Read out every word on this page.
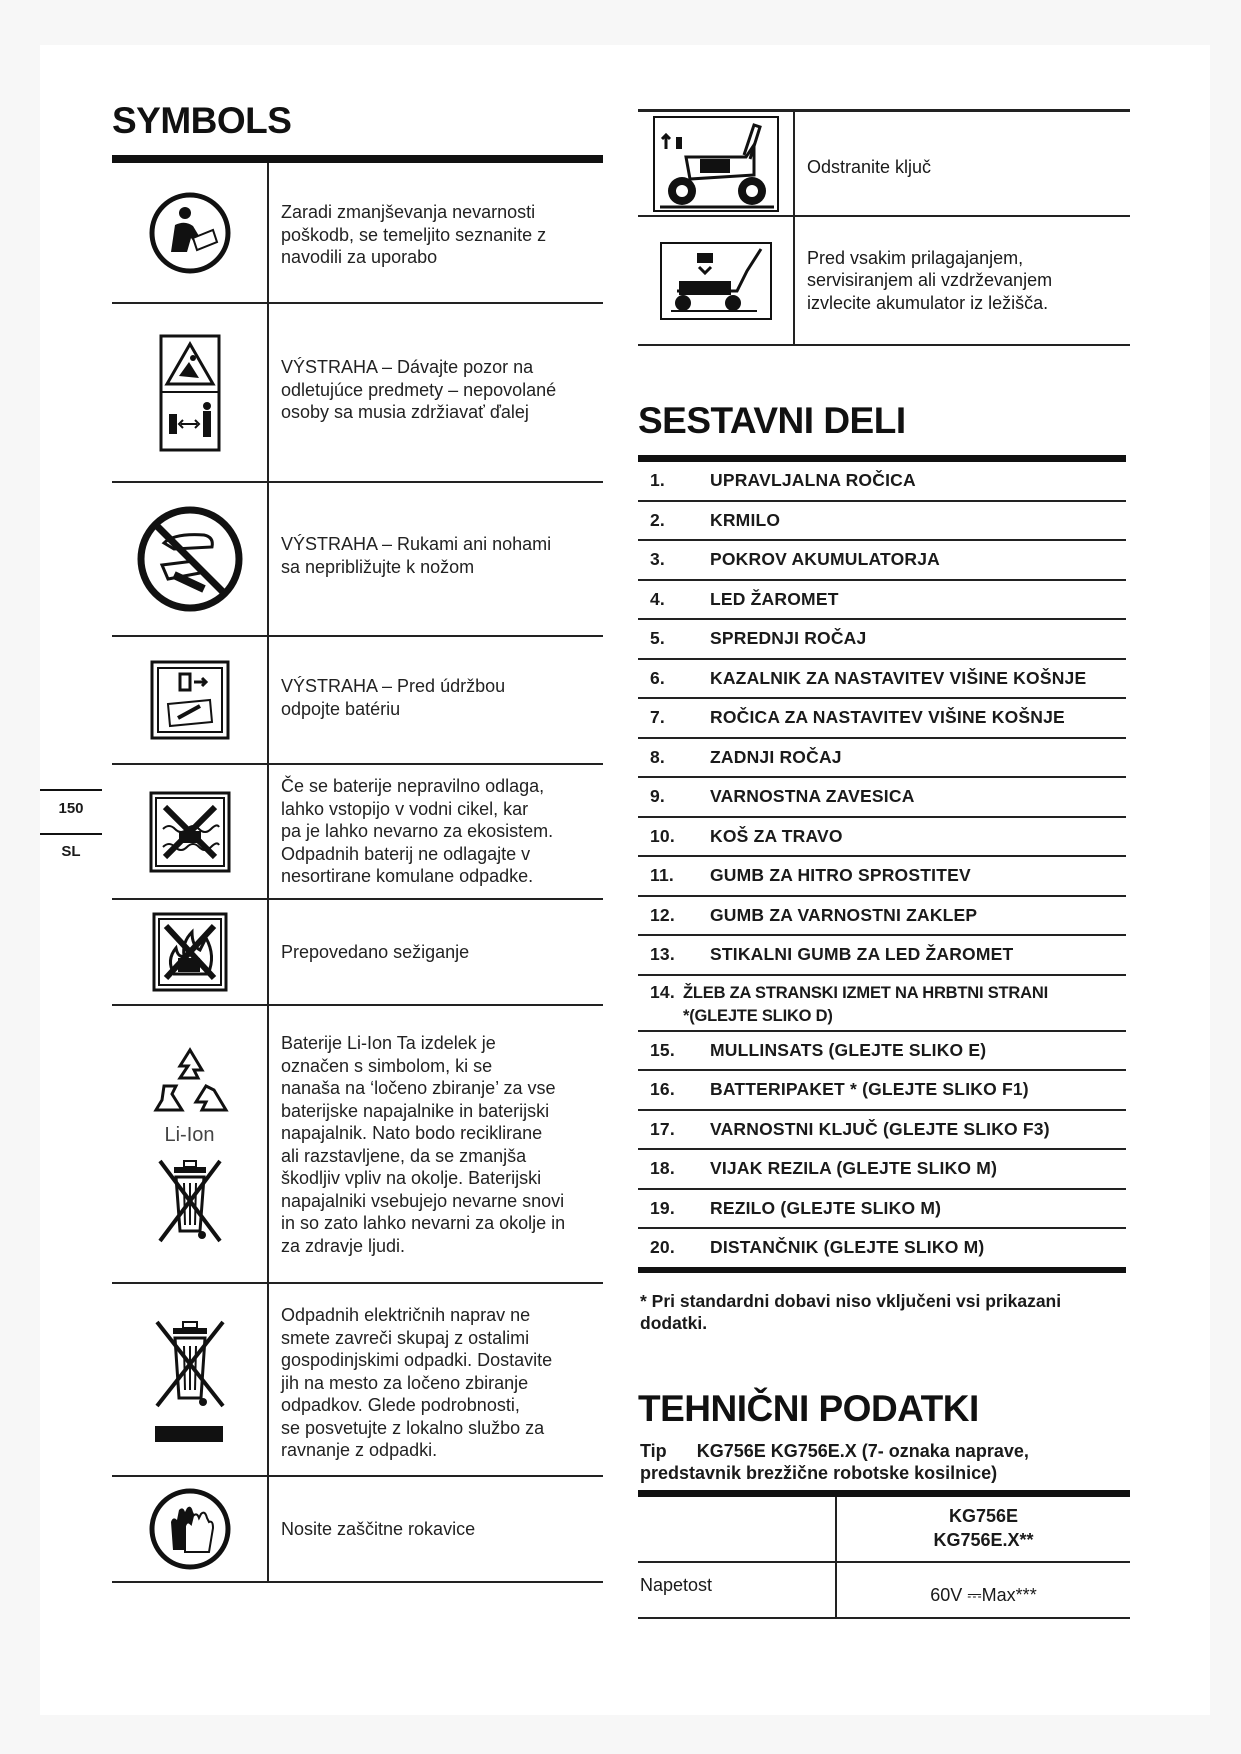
SYMBOLS
Zaradi zmanjševanja nevarnosti
poškodb, se temeljito seznanite z
navodili za uporabo
VÝSTRAHA – Dávajte pozor na
odletujúce predmety – nepovolané
osoby sa musia zdržiavať ďalej
VÝSTRAHA – Rukami ani nohami
sa nepribližujte k nožom
VÝSTRAHA – Pred údržbou
odpojte batériu
Če se baterije nepravilno odlaga,
lahko vstopijo v vodni cikel, kar
pa je lahko nevarno za ekosistem.
Odpadnih baterij ne odlagajte v
nesortirane komulane odpadke.
Prepovedano sežiganje
Li-Ion
Baterije Li-Ion Ta izdelek je
označen s simbolom, ki se
nanaša na ‘ločeno zbiranje’ za vse
baterijske napajalnike in baterijski
napajalnik. Nato bodo reciklirane
ali razstavljene, da se zmanjša
škodljiv vpliv na okolje. Baterijski
napajalniki vsebujejo nevarne snovi
in so zato lahko nevarni za okolje in
za zdravje ljudi.
Odpadnih električnih naprav ne
smete zavreči skupaj z ostalimi
gospodinjskimi odpadki. Dostavite
jih na mesto za ločeno zbiranje
odpadkov. Glede podrobnosti,
se posvetujte z lokalno službo za
ravnanje z odpadki.
Nosite zaščitne rokavice
150
SL
Odstranite ključ
Pred vsakim prilagajanjem,
servisiranjem ali vzdrževanjem
izvlecite akumulator iz ležišča.
SESTAVNI DELI
1.	UPRAVLJALNA ROČICA
2.	KRMILO
3.	POKROV AKUMULATORJA
4.	LED ŽAROMET
5.	SPREDNJI ROČAJ
6.	KAZALNIK ZA NASTAVITEV VIŠINE KOŠNJE
7.	ROČICA ZA NASTAVITEV VIŠINE KOŠNJE
8.	ZADNJI ROČAJ
9.	VARNOSTNA ZAVESICA
10.	KOŠ ZA TRAVO
11.	GUMB ZA HITRO SPROSTITEV
12.	GUMB ZA VARNOSTNI ZAKLEP
13.	STIKALNI GUMB ZA LED ŽAROMET
14. ŽLEB ZA STRANSKI IZMET NA HRBTNI STRANI
*(GLEJTE SLIKO D)
15.	MULLINSATS (GLEJTE SLIKO E)
16.	BATTERIPAKET * (GLEJTE SLIKO F1)
17.	VARNOSTNI KLJUČ (GLEJTE SLIKO F3)
18.	VIJAK REZILA (GLEJTE SLIKO M)
19.	REZILO (GLEJTE SLIKO M)
20.	DISTANČNIK (GLEJTE SLIKO M)
* Pri standardni dobavi niso vključeni vsi prikazani dodatki.
TEHNIČNI PODATKI
Tip KG756E KG756E.X (7- oznaka naprave, predstavnik brezžične robotske kosilnice)
KG756E
KG756E.X**
Napetost	60V ⎓Max***
